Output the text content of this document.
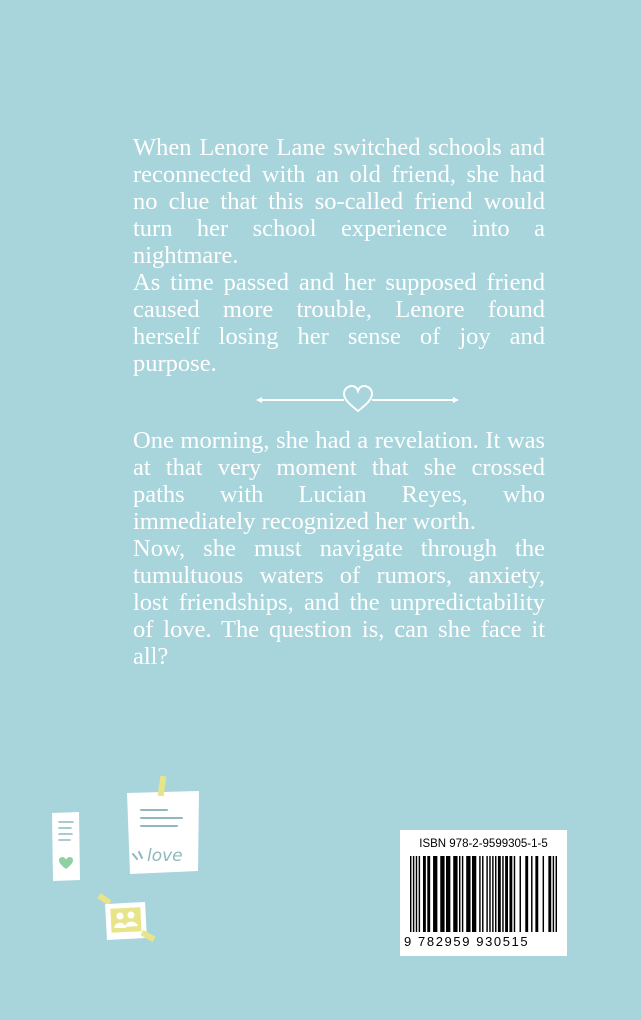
When Lenore Lane switched schools and reconnected with an old friend, she had no clue that this so-called friend would turn her school experience into a nightmare.

As time passed and her supposed friend caused more trouble, Lenore found herself losing her sense of joy and purpose.

One morning, she had a revelation. It was at that very moment that she crossed paths with Lucian Reyes, who immediately recognized her worth.

Now, she must navigate through the tumultuous waters of rumors, anxiety, lost friendships, and the unpredictability of love. The question is, can she face it all?

love
ISBN 978-2-9599305-1-5
9 782959 930515
